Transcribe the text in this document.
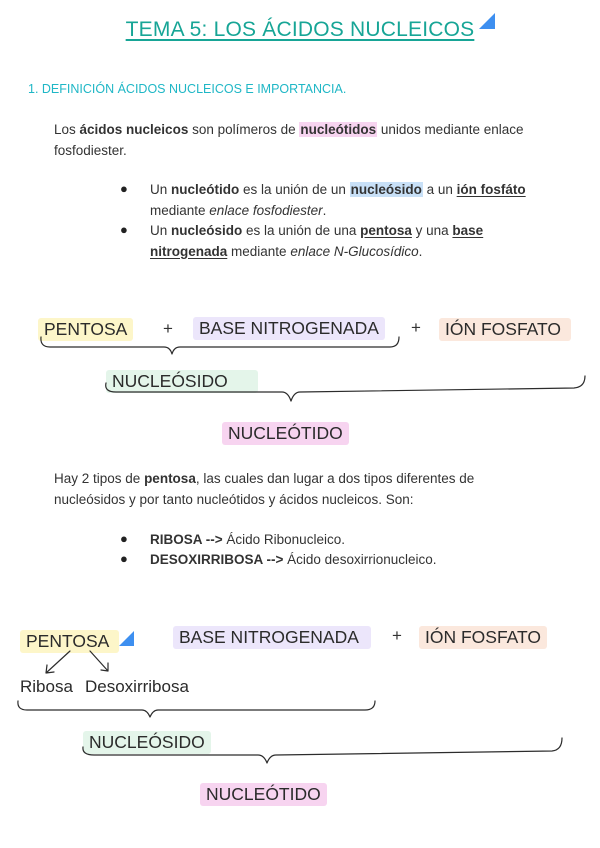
TEMA 5: LOS ÁCIDOS NUCLEICOS
1. DEFINICIÓN ÁCIDOS NUCLEICOS E IMPORTANCIA.
Los ácidos nucleicos son polímeros de nucleótidos unidos mediante enlace fosfodiester.
● Un nucleótido es la unión de un nucleósido a un ión fosfáto mediante enlace fosfodiester.
● Un nucleósido es la unión de una pentosa y una base nitrogenada mediante enlace N-Glucosídico.
PENTOSA	+	BASE NITROGENADA	+	IÓN FOSFATO
NUCLEÓSIDO
NUCLEÓTIDO
Hay 2 tipos de pentosa, las cuales dan lugar a dos tipos diferentes de nucleósidos y por tanto nucleótidos y ácidos nucleicos. Son:
● RIBOSA --> Ácido Ribonucleico.
● DESOXIRRIBOSA --> Ácido desoxirrionucleico.
PENTOSA	BASE NITROGENADA	+	IÓN FOSFATO
Ribosa Desoxirribosa
NUCLEÓSIDO
NUCLEÓTIDO
